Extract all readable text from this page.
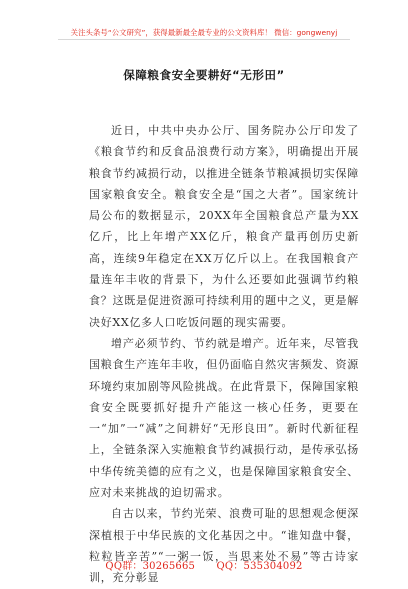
关注头条号“公文研究”，获得最新最全最专业的公文资料库！ 微信：gongwenyj
保障粮食安全要耕好“无形田”

近日，中共中央办公厅、国务院办公厅印发了《粮食节约和反食品浪费行动方案》，明确提出开展粮食节约减损行动，以推进全链条节粮减损切实保障国家粮食安全。粮食安全是“国之大者”。国家统计局公布的数据显示，20XX年全国粮食总产量为XX亿斤，比上年增产XX亿斤，粮食产量再创历史新高，连续9年稳定在XX万亿斤以上。在我国粮食产量连年丰收的背景下，为什么还要如此强调节约粮食？这既是促进资源可持续利用的题中之义，更是解决好XX亿多人口吃饭问题的现实需要。

增产必须节约、节约就是增产。近年来，尽管我国粮食生产连年丰收，但仍面临自然灾害频发、资源环境约束加剧等风险挑战。在此背景下，保障国家粮食安全既要抓好提升产能这一核心任务，更要在一“加”一“减”之间耕好“无形良田”。新时代新征程上，全链条深入实施粮食节约减损行动，是传承弘扬中华传统美德的应有之义，也是保障国家粮食安全、应对未来挑战的迫切需求。

自古以来，节约光荣、浪费可耻的思想观念便深深植根于中华民族的文化基因之中。“谁知盘中餐，粒粒皆辛苦”“一粥一饭，当思来处不易”等古诗家训，充分彰显

QQ群：30265665 QQ：535304092
